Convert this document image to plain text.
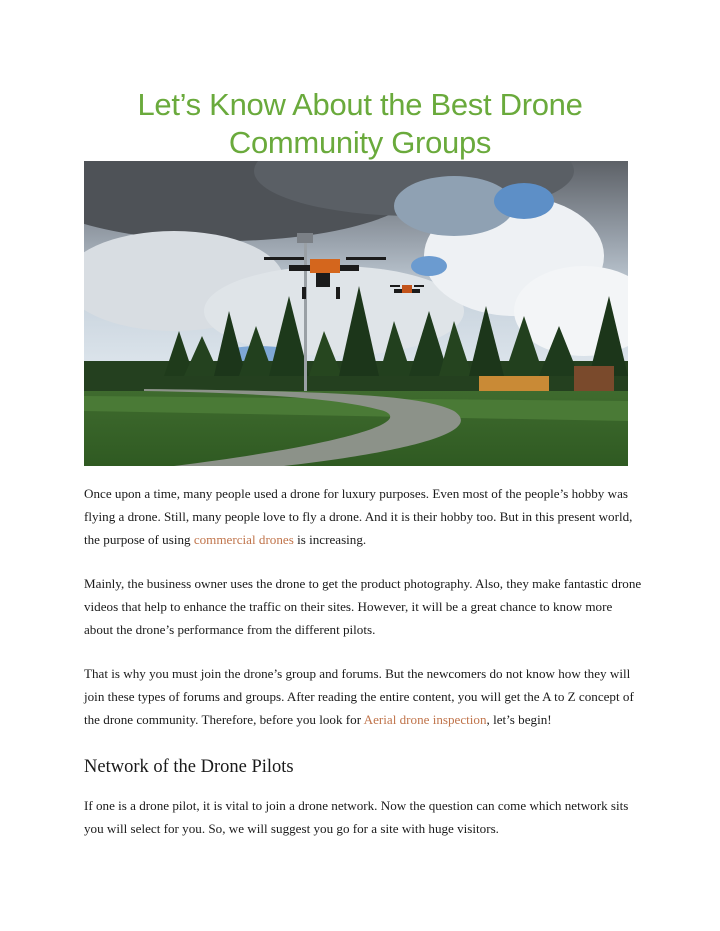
Let’s Know About the Best Drone
Community Groups

Once upon a time, many people used a drone for luxury purposes. Even most of the people’s hobby was flying a drone. Still, many people love to fly a drone. And it is their hobby too. But in this present world, the purpose of using commercial drones is increasing.

Mainly, the business owner uses the drone to get the product photography. Also, they make fantastic drone videos that help to enhance the traffic on their sites. However, it will be a great chance to know more about the drone’s performance from the different pilots.

That is why you must join the drone’s group and forums. But the newcomers do not know how they will join these types of forums and groups. After reading the entire content, you will get the A to Z concept of the drone community. Therefore, before you look for Aerial drone inspection, let’s begin!

Network of the Drone Pilots

If one is a drone pilot, it is vital to join a drone network. Now the question can come which network sits you will select for you. So, we will suggest you go for a site with huge visitors.
